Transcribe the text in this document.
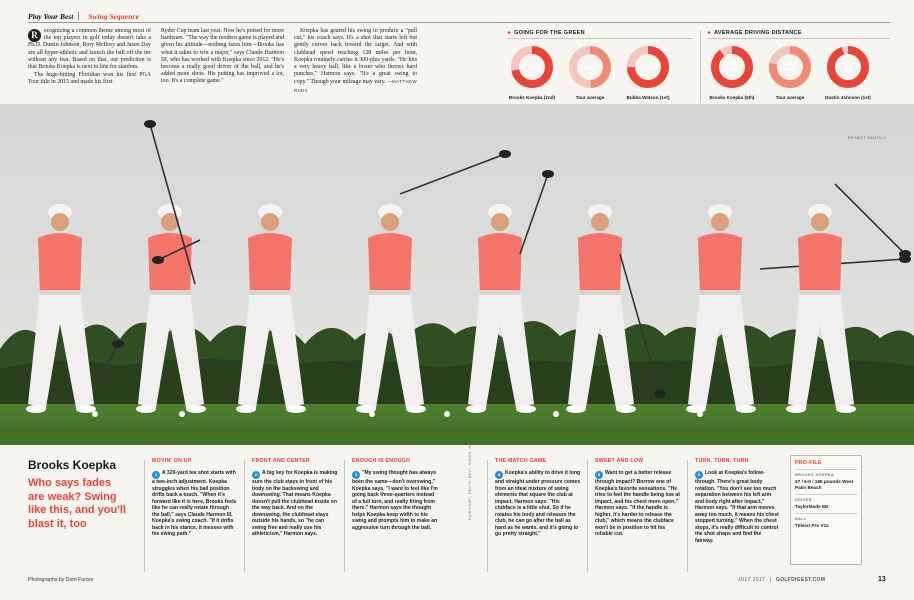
Play Your Best Swing Sequence

R	ecognizing a common theme among most of the top players in golf today doesn't take a Ph.D. Dustin Johnson, Rory McIlroy and Jason Day are all hyper-athletic and launch the ball off the tee without any fear. Based on that, our prediction is that Brooks Koepka is next in line for stardom.

The huge-hitting Floridian won his first PGA Tour title in 2015 and made his first

Ryder Cup team last year. Now he's poised for more hardware. "The way the modern game is played and given his attitude—nothing fazes him—Brooks has what it takes to win a major," says Claude Harmon III, who has worked with Koepka since 2012. "He's become a really good driver of the ball, and he's added more shots. His putting has improved a lot, too. It's a complete game."

Koepka has geared his swing to produce a "pull cut," his coach says. It's a shot that starts left but gently curves back toward the target. And with clubhead speed reaching 128 miles per hour, Koepka routinely carries it 300-plus yards. "He hits a very heavy ball, like a boxer who throws hard punches," Harmon says. "It's a great swing to copy." Though your mileage may vary. —MATTHEW RUDY

▸ GOING FOR THE GREEN	▸ AVERAGE DRIVING DISTANCE
71.9%
Brooks Koepka (2nd)
49.3%
Tour average
74.7%
Bubba Watson (1st)
308.1 YDS
Brooks Koepka (5th)
289.7 YDS
Tour average
315.2 YDS
Dustin Johnson (1st)
BRANDT SANTILLI
Brooks Koepka
Who says fades are weak? Swing like this, and you'll blast it, too
MOVIN' ON UP
1 A 320-yard tee shot starts with a two-inch adjustment. Koepka struggles when his ball position drifts back a touch. "When it's forward like it is here, Brooks feels like he can really rotate through the ball," says Claude Harmon III, Koepka's swing coach. "If it drifts back in his stance, it messes with his swing path."
FRONT AND CENTER
2 A big key for Koepka is making sure the club stays in front of his body on the backswing and downswing. That means Koepka doesn't pull the clubhead inside on the way back. And on the downswing, the clubhead stays outside his hands, so "he can swing free and really use his athleticism," Harmon says.
ENOUGH IS ENOUGH
3 "My swing thought has always been the same—don't overswing," Koepka says. "I want to feel like I'm going back three-quarters instead of a full turn, and really firing from there." Harmon says the thought helps Koepka keep width to his swing and prompts him to make an aggressive turn through the ball.
THE MATCH GAME
4 Koepka's ability to drive it long and straight under pressure comes from an ideal mixture of swing elements that square the club at impact, Harmon says: "His clubface is a little shut. So if he rotates his body and releases the club, he can go after the ball as hard as he wants, and it's going to go pretty straight."
SWEET AND LOW
5 Want to get a better release through impact? Borrow one of Koepka's favorite sensations. "He tries to feel the handle being low at impact, and his chest more open," Harmon says. "If the handle is higher, it's harder to release the club," which means the clubface won't be in position to hit his reliable cut.
TURN, TURN, TURN
6 Look at Koepka's follow-through. There's great body rotation. "You don't see too much separation between his left arm and body right after impact," Harmon says. "If that arm moves away too much, it means his chest stopped turning." When the chest stops, it's really difficult to control the shot shape and find the fairway.
HAIR/SHIRT, PANTS, BELT, SHOES, HAT	PRO-FILE
BROOKS KOEPKA
27 / 6-0 / 185 pounds West Palm Beach
DRIVER
TaylorMade M2
BALL
Titleist Pro V1x
Photographs by Dom Furore	JULY 2017 | GOLFDIGEST.COM	13
